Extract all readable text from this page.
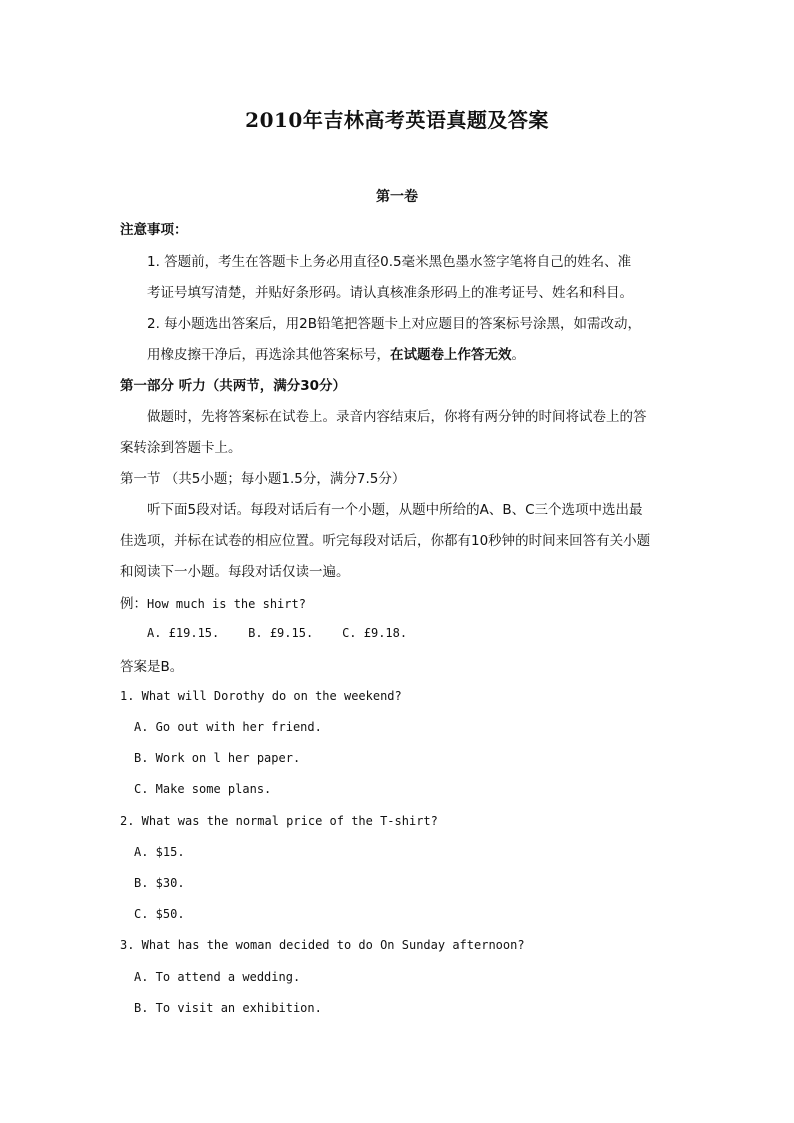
2010年吉林高考英语真题及答案
第一卷
注意事项：
1. 答题前，考生在答题卡上务必用直径0.5毫米黑色墨水签字笔将自己的姓名、准
考证号填写清楚，并贴好条形码。请认真核准条形码上的准考证号、姓名和科目。
2. 每小题选出答案后，用2B铅笔把答题卡上对应题目的答案标号涂黑，如需改动，
用橡皮擦干净后，再选涂其他答案标号，在试题卷上作答无效。
第一部分 听力（共两节，满分30分）
做题时，先将答案标在试卷上。录音内容结束后，你将有两分钟的时间将试卷上的答
案转涂到答题卡上。
第一节 （共5小题；每小题1.5分，满分7.5分）
听下面5段对话。每段对话后有一个小题，从题中所给的A、B、C三个选项中选出最
佳选项，并标在试卷的相应位置。听完每段对话后，你都有10秒钟的时间来回答有关小题
和阅读下一小题。每段对话仅读一遍。
例：How much is the shirt?
A. £19.15.    B. £9.15.    C. £9.18.
答案是B。
1. What will Dorothy do on the weekend?
A. Go out with her friend.
B. Work on l her paper.
C. Make some plans.
2. What was the normal price of the T-shirt?
A. $15.
B. $30.
C. $50.
3. What has the woman decided to do On Sunday afternoon?
A. To attend a wedding.
B. To visit an exhibition.
